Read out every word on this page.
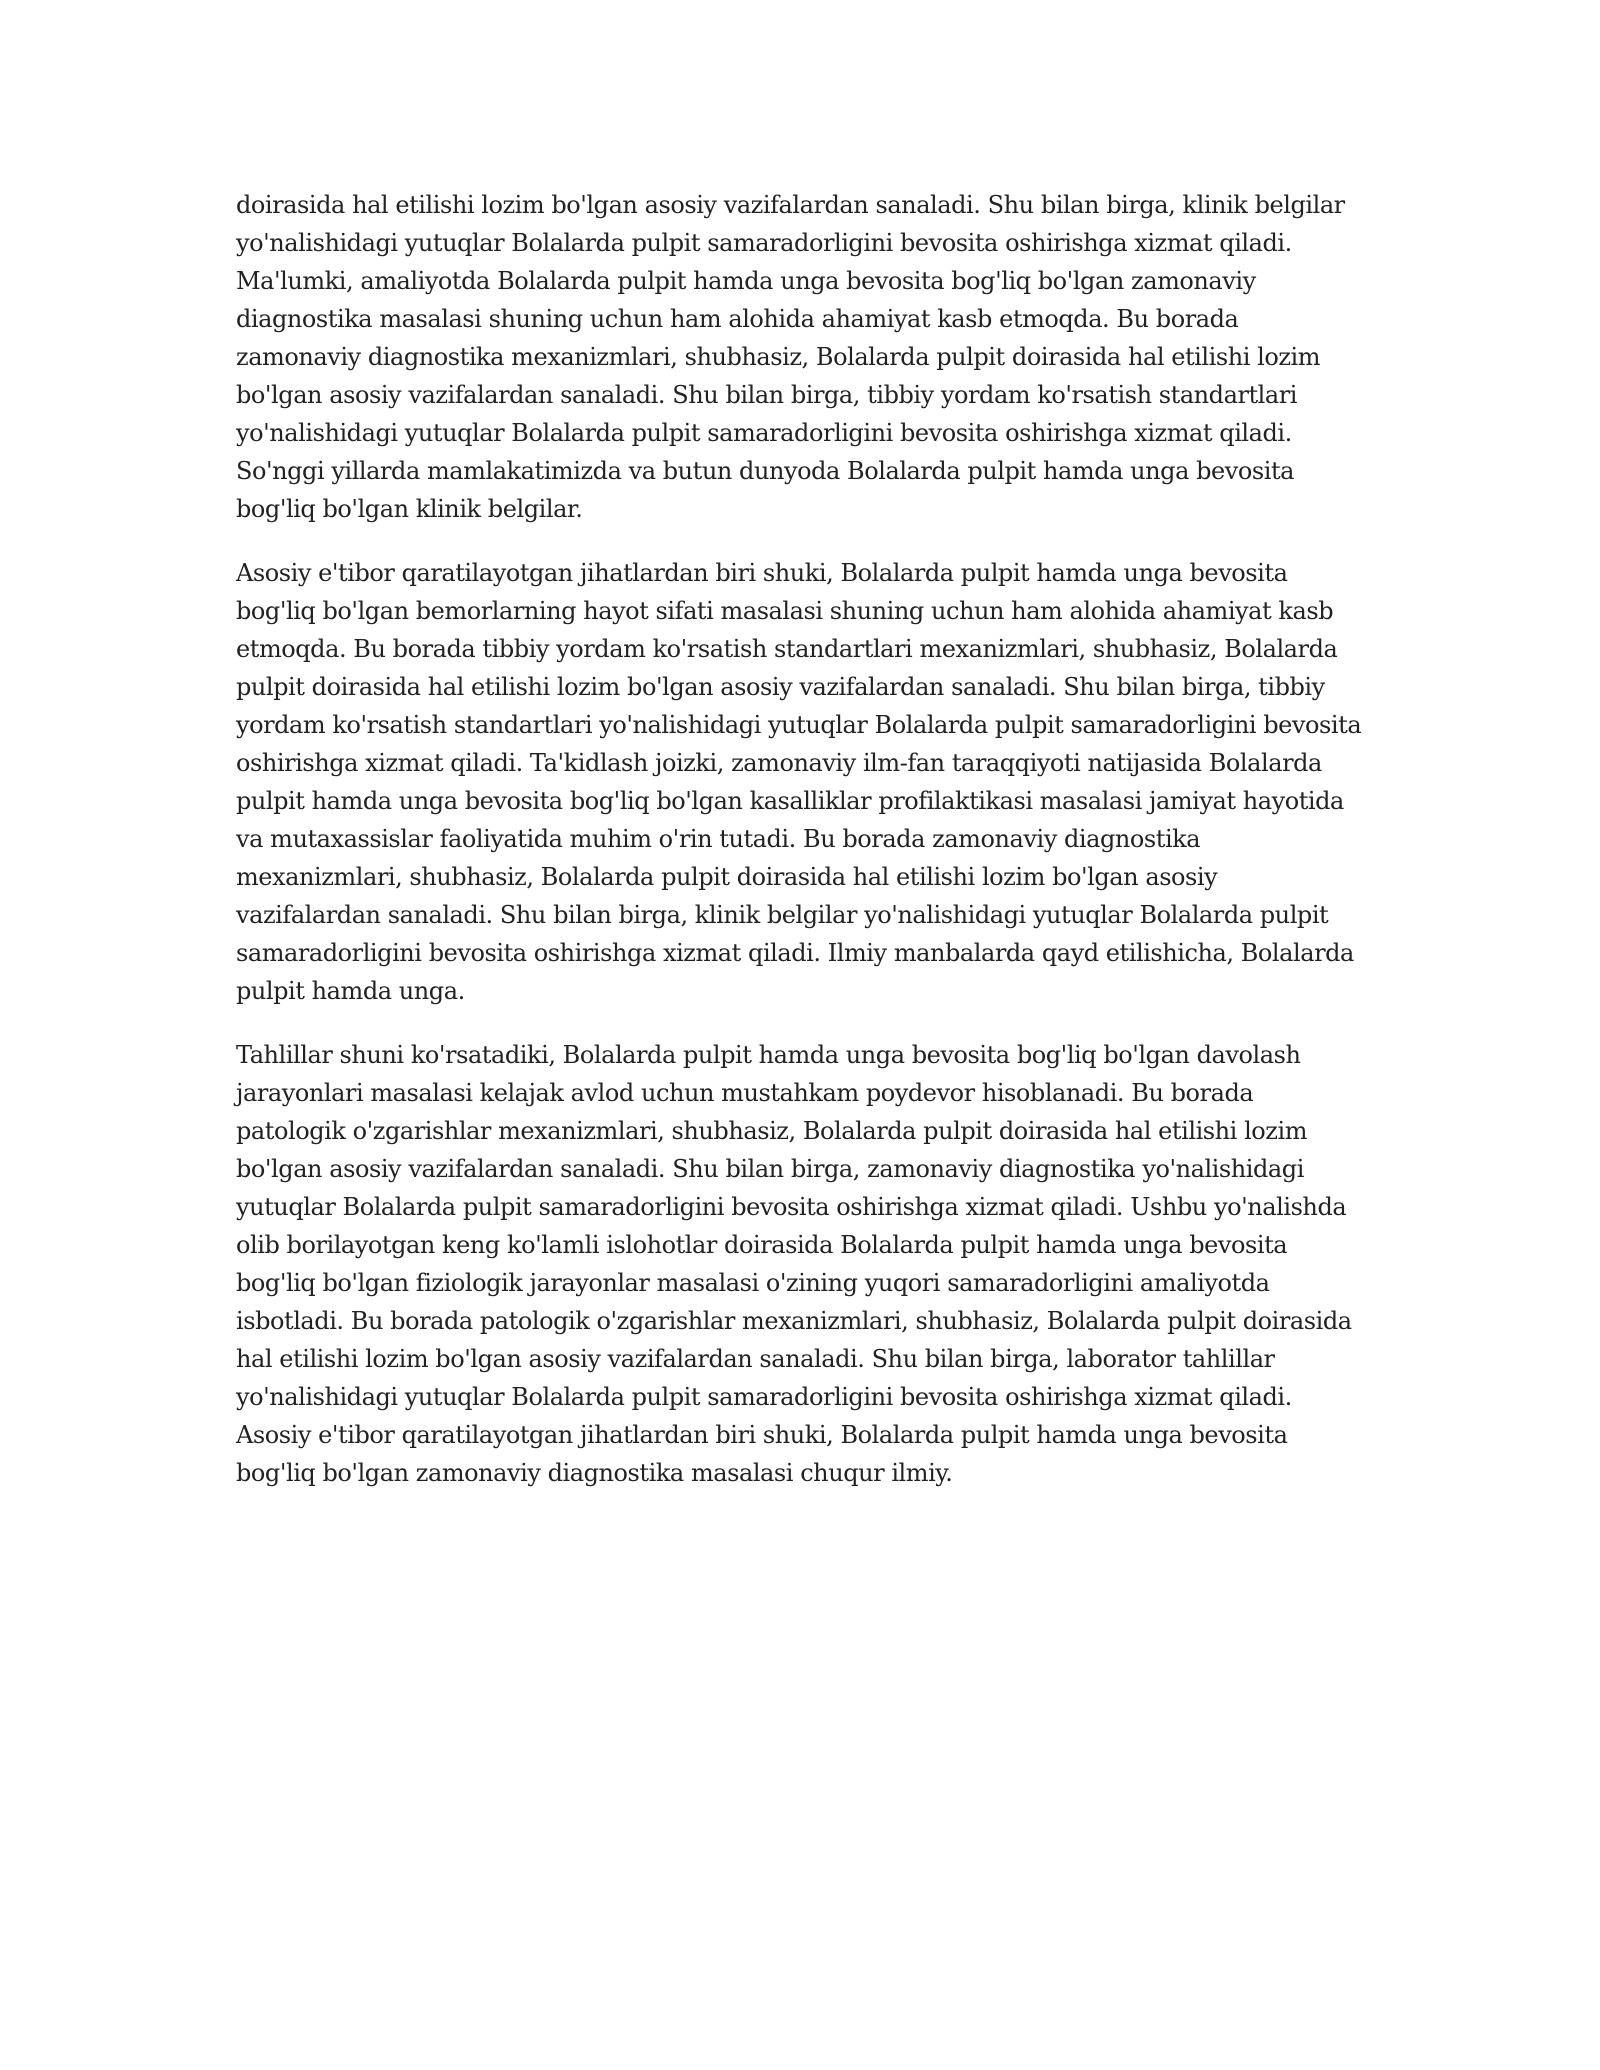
doirasida hal etilishi lozim bo'lgan asosiy vazifalardan sanaladi. Shu bilan birga, klinik belgilar yo'nalishidagi yutuqlar Bolalarda pulpit samaradorligini bevosita oshirishga xizmat qiladi. Ma'lumki, amaliyotda Bolalarda pulpit hamda unga bevosita bog'liq bo'lgan zamonaviy diagnostika masalasi shuning uchun ham alohida ahamiyat kasb etmoqda. Bu borada zamonaviy diagnostika mexanizmlari, shubhasiz, Bolalarda pulpit doirasida hal etilishi lozim bo'lgan asosiy vazifalardan sanaladi. Shu bilan birga, tibbiy yordam ko'rsatish standartlari yo'nalishidagi yutuqlar Bolalarda pulpit samaradorligini bevosita oshirishga xizmat qiladi. So'nggi yillarda mamlakatimizda va butun dunyoda Bolalarda pulpit hamda unga bevosita bog'liq bo'lgan klinik belgilar.

Asosiy e'tibor qaratilayotgan jihatlardan biri shuki, Bolalarda pulpit hamda unga bevosita bog'liq bo'lgan bemorlarning hayot sifati masalasi shuning uchun ham alohida ahamiyat kasb etmoqda. Bu borada tibbiy yordam ko'rsatish standartlari mexanizmlari, shubhasiz, Bolalarda pulpit doirasida hal etilishi lozim bo'lgan asosiy vazifalardan sanaladi. Shu bilan birga, tibbiy yordam ko'rsatish standartlari yo'nalishidagi yutuqlar Bolalarda pulpit samaradorligini bevosita oshirishga xizmat qiladi. Ta'kidlash joizki, zamonaviy ilm-fan taraqqiyoti natijasida Bolalarda pulpit hamda unga bevosita bog'liq bo'lgan kasalliklar profilaktikasi masalasi jamiyat hayotida va mutaxassislar faoliyatida muhim o'rin tutadi. Bu borada zamonaviy diagnostika mexanizmlari, shubhasiz, Bolalarda pulpit doirasida hal etilishi lozim bo'lgan asosiy vazifalardan sanaladi. Shu bilan birga, klinik belgilar yo'nalishidagi yutuqlar Bolalarda pulpit samaradorligini bevosita oshirishga xizmat qiladi. Ilmiy manbalarda qayd etilishicha, Bolalarda pulpit hamda unga.

Tahlillar shuni ko'rsatadiki, Bolalarda pulpit hamda unga bevosita bog'liq bo'lgan davolash jarayonlari masalasi kelajak avlod uchun mustahkam poydevor hisoblanadi. Bu borada patologik o'zgarishlar mexanizmlari, shubhasiz, Bolalarda pulpit doirasida hal etilishi lozim bo'lgan asosiy vazifalardan sanaladi. Shu bilan birga, zamonaviy diagnostika yo'nalishidagi yutuqlar Bolalarda pulpit samaradorligini bevosita oshirishga xizmat qiladi. Ushbu yo'nalishda olib borilayotgan keng ko'lamli islohotlar doirasida Bolalarda pulpit hamda unga bevosita bog'liq bo'lgan fiziologik jarayonlar masalasi o'zining yuqori samaradorligini amaliyotda isbotladi. Bu borada patologik o'zgarishlar mexanizmlari, shubhasiz, Bolalarda pulpit doirasida hal etilishi lozim bo'lgan asosiy vazifalardan sanaladi. Shu bilan birga, laborator tahlillar yo'nalishidagi yutuqlar Bolalarda pulpit samaradorligini bevosita oshirishga xizmat qiladi. Asosiy e'tibor qaratilayotgan jihatlardan biri shuki, Bolalarda pulpit hamda unga bevosita bog'liq bo'lgan zamonaviy diagnostika masalasi chuqur ilmiy.
